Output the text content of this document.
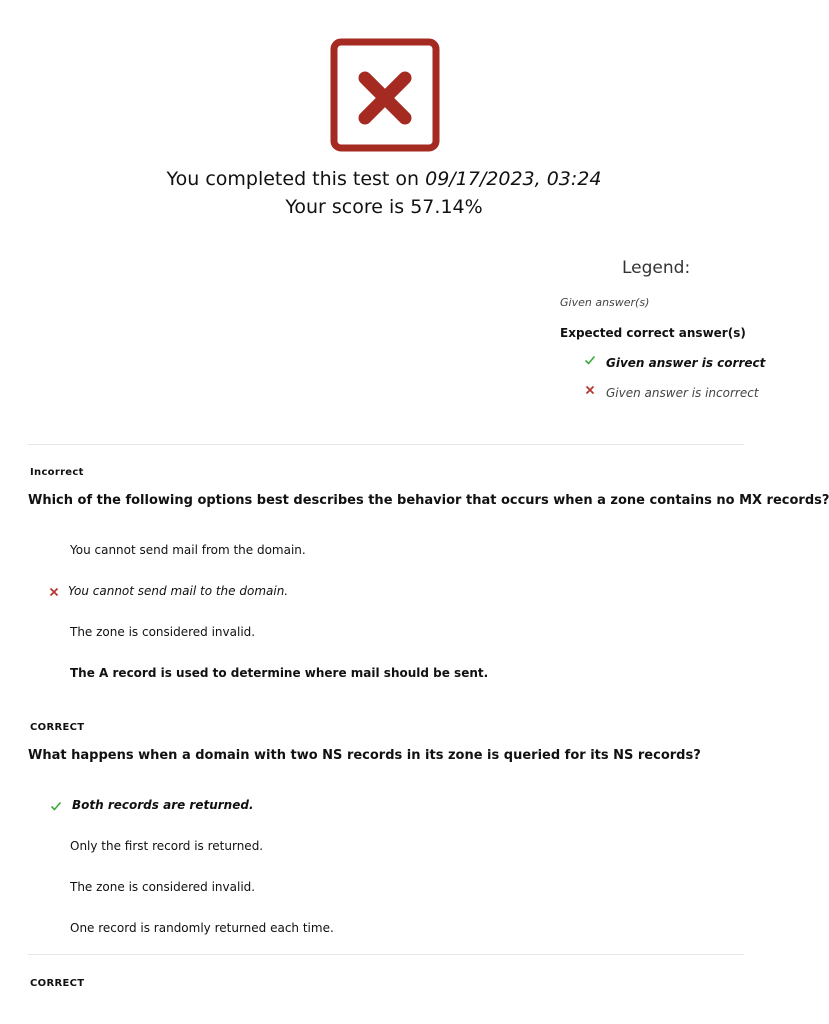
You completed this test on 09/17/2023, 03:24
Your score is 57.14%
Legend:
Given answer(s)
Expected correct answer(s)
Given answer is correct
Given answer is incorrect
Incorrect
Which of the following options best describes the behavior that occurs when a zone contains no MX records?
You cannot send mail from the domain.
You cannot send mail to the domain.
The zone is considered invalid.
The A record is used to determine where mail should be sent.
CORRECT
What happens when a domain with two NS records in its zone is queried for its NS records?
Both records are returned.
Only the first record is returned.
The zone is considered invalid.
One record is randomly returned each time.
CORRECT
